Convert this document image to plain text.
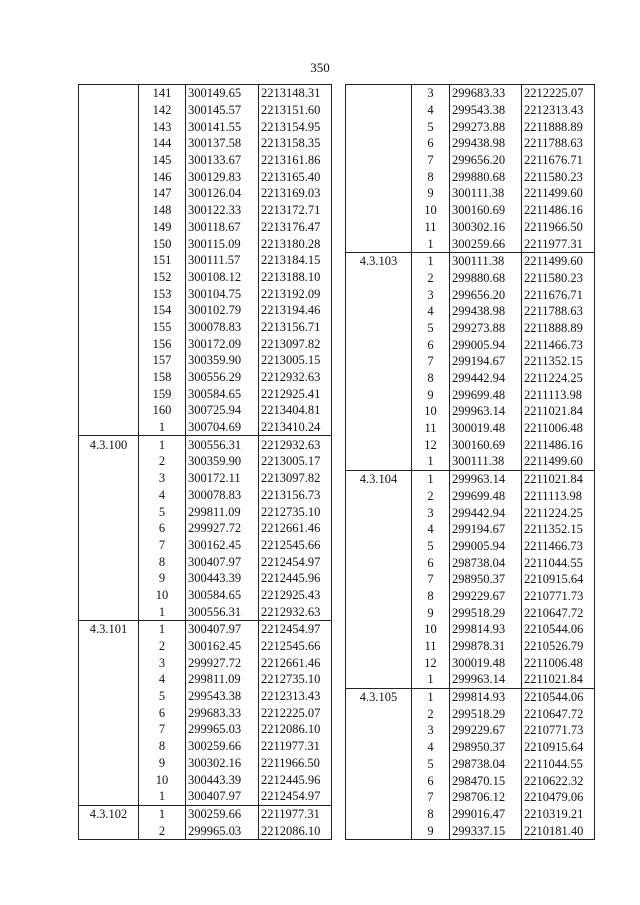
350
	141	300149.65	2213148.31
	142	300145.57	2213151.60
	143	300141.55	2213154.95
	144	300137.58	2213158.35
	145	300133.67	2213161.86
	146	300129.83	2213165.40
	147	300126.04	2213169.03
	148	300122.33	2213172.71
	149	300118.67	2213176.47
	150	300115.09	2213180.28
	151	300111.57	2213184.15
	152	300108.12	2213188.10
	153	300104.75	2213192.09
	154	300102.79	2213194.46
	155	300078.83	2213156.71
	156	300172.09	2213097.82
	157	300359.90	2213005.15
	158	300556.29	2212932.63
	159	300584.65	2212925.41
	160	300725.94	2213404.81
	1	300704.69	2213410.24
4.3.100	1	300556.31	2212932.63
	2	300359.90	2213005.17
	3	300172.11	2213097.82
	4	300078.83	2213156.73
	5	299811.09	2212735.10
	6	299927.72	2212661.46
	7	300162.45	2212545.66
	8	300407.97	2212454.97
	9	300443.39	2212445.96
	10	300584.65	2212925.43
	1	300556.31	2212932.63
4.3.101	1	300407.97	2212454.97
	2	300162.45	2212545.66
	3	299927.72	2212661.46
	4	299811.09	2212735.10
	5	299543.38	2212313.43
	6	299683.33	2212225.07
	7	299965.03	2212086.10
	8	300259.66	2211977.31
	9	300302.16	2211966.50
	10	300443.39	2212445.96
	1	300407.97	2212454.97
4.3.102	1	300259.66	2211977.31
	2	299965.03	2212086.10
	3	299683.33	2212225.07
	4	299543.38	2212313.43
	5	299273.88	2211888.89
	6	299438.98	2211788.63
	7	299656.20	2211676.71
	8	299880.68	2211580.23
	9	300111.38	2211499.60
	10	300160.69	2211486.16
	11	300302.16	2211966.50
	1	300259.66	2211977.31
4.3.103	1	300111.38	2211499.60
	2	299880.68	2211580.23
	3	299656.20	2211676.71
	4	299438.98	2211788.63
	5	299273.88	2211888.89
	6	299005.94	2211466.73
	7	299194.67	2211352.15
	8	299442.94	2211224.25
	9	299699.48	2211113.98
	10	299963.14	2211021.84
	11	300019.48	2211006.48
	12	300160.69	2211486.16
	1	300111.38	2211499.60
4.3.104	1	299963.14	2211021.84
	2	299699.48	2211113.98
	3	299442.94	2211224.25
	4	299194.67	2211352.15
	5	299005.94	2211466.73
	6	298738.04	2211044.55
	7	298950.37	2210915.64
	8	299229.67	2210771.73
	9	299518.29	2210647.72
	10	299814.93	2210544.06
	11	299878.31	2210526.79
	12	300019.48	2211006.48
	1	299963.14	2211021.84
4.3.105	1	299814.93	2210544.06
	2	299518.29	2210647.72
	3	299229.67	2210771.73
	4	298950.37	2210915.64
	5	298738.04	2211044.55
	6	298470.15	2210622.32
	7	298706.12	2210479.06
	8	299016.47	2210319.21
	9	299337.15	2210181.40
